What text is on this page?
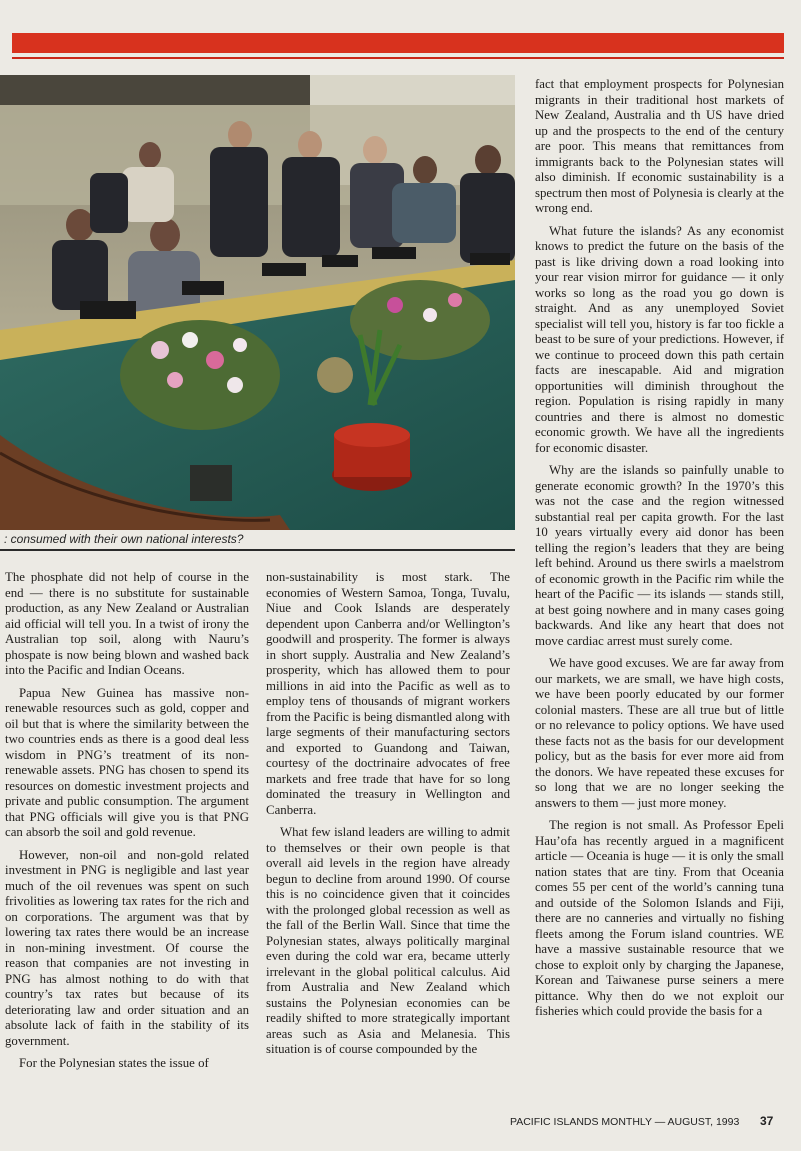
: consumed with their own national interests?

The phosphate did not help of course in the end — there is no substitute for sustainable production, as any New Zealand or Australian aid official will tell you. In a twist of irony the Australian top soil, along with Nauru’s phospate is now being blown and washed back into the Pacific and Indian Oceans.

Papua New Guinea has massive non-renewable resources such as gold, copper and oil but that is where the similarity between the two countries ends as there is a good deal less wisdom in PNG’s treatment of its non-renewable assets. PNG has chosen to spend its resources on domestic investment projects and private and public consumption. The argument that PNG officials will give you is that PNG can absorb the soil and gold revenue.

However, non-oil and non-gold related investment in PNG is negligible and last year much of the oil revenues was spent on such frivolities as lowering tax rates for the rich and on corporations. The argument was that by lowering tax rates there would be an increase in non-mining investment. Of course the reason that companies are not investing in PNG has almost nothing to do with that country’s tax rates but because of its deteriorating law and order situation and an absolute lack of faith in the stability of its government.

For the Polynesian states the issue of

non-sustainability is most stark. The economies of Western Samoa, Tonga, Tuvalu, Niue and Cook Islands are desperately dependent upon Canberra and/or Wellington’s goodwill and prosperity. The former is always in short supply. Australia and New Zealand’s prosperity, which has allowed them to pour millions in aid into the Pacific as well as to employ tens of thousands of migrant workers from the Pacific is being dismantled along with large segments of their manufacturing sectors and exported to Guandong and Taiwan, courtesy of the doctrinaire advocates of free markets and free trade that have for so long dominated the treasury in Wellington and Canberra.

What few island leaders are willing to admit to themselves or their own people is that overall aid levels in the region have already begun to decline from around 1990. Of course this is no coincidence given that it coincides with the prolonged global recession as well as the fall of the Berlin Wall. Since that time the Polynesian states, always politically marginal even during the cold war era, became utterly irrelevant in the global political calculus. Aid from Australia and New Zealand which sustains the Polynesian economies can be readily shifted to more strategically important areas such as Asia and Melanesia. This situation is of course compounded by the

fact that employment prospects for Polynesian migrants in their traditional host markets of New Zealand, Australia and th US have dried up and the prospects to the end of the century are poor. This means that remittances from immigrants back to the Polynesian states will also diminish. If economic sustainability is a spectrum then most of Polynesia is clearly at the wrong end.

What future the islands? As any economist knows to predict the future on the basis of the past is like driving down a road looking into your rear vision mirror for guidance — it only works so long as the road you go down is straight. And as any unemployed Soviet specialist will tell you, history is far too fickle a beast to be sure of your predictions. However, if we continue to proceed down this path certain facts are inescapable. Aid and migration opportunities will diminish throughout the region. Population is rising rapidly in many countries and there is almost no domestic economic growth. We have all the ingredients for economic disaster.

Why are the islands so painfully unable to generate economic growth? In the 1970’s this was not the case and the region witnessed substantial real per capita growth. For the last 10 years virtually every aid donor has been telling the region’s leaders that they are being left behind. Around us there swirls a maelstrom of economic growth in the Pacific rim while the heart of the Pacific — its islands — stands still, at best going nowhere and in many cases going backwards. And like any heart that does not move cardiac arrest must surely come.

We have good excuses. We are far away from our markets, we are small, we have high costs, we have been poorly educated by our former colonial masters. These are all true but of little or no relevance to policy options. We have used these facts not as the basis for our development policy, but as the basis for ever more aid from the donors. We have repeated these excuses for so long that we are no longer seeking the answers to them — just more money.

The region is not small. As Professor Epeli Hau’ofa has recently argued in a magnificent article — Oceania is huge — it is only the small nation states that are tiny. From that Oceania comes 55 per cent of the world’s canning tuna and outside of the Solomon Islands and Fiji, there are no canneries and virtually no fishing fleets among the Forum island countries. WE have a massive sustainable resource that we chose to exploit only by charging the Japanese, Korean and Taiwanese purse seiners a mere pittance. Why then do we not exploit our fisheries which could provide the basis for a

PACIFIC ISLANDS MONTHLY — AUGUST, 1993 37
